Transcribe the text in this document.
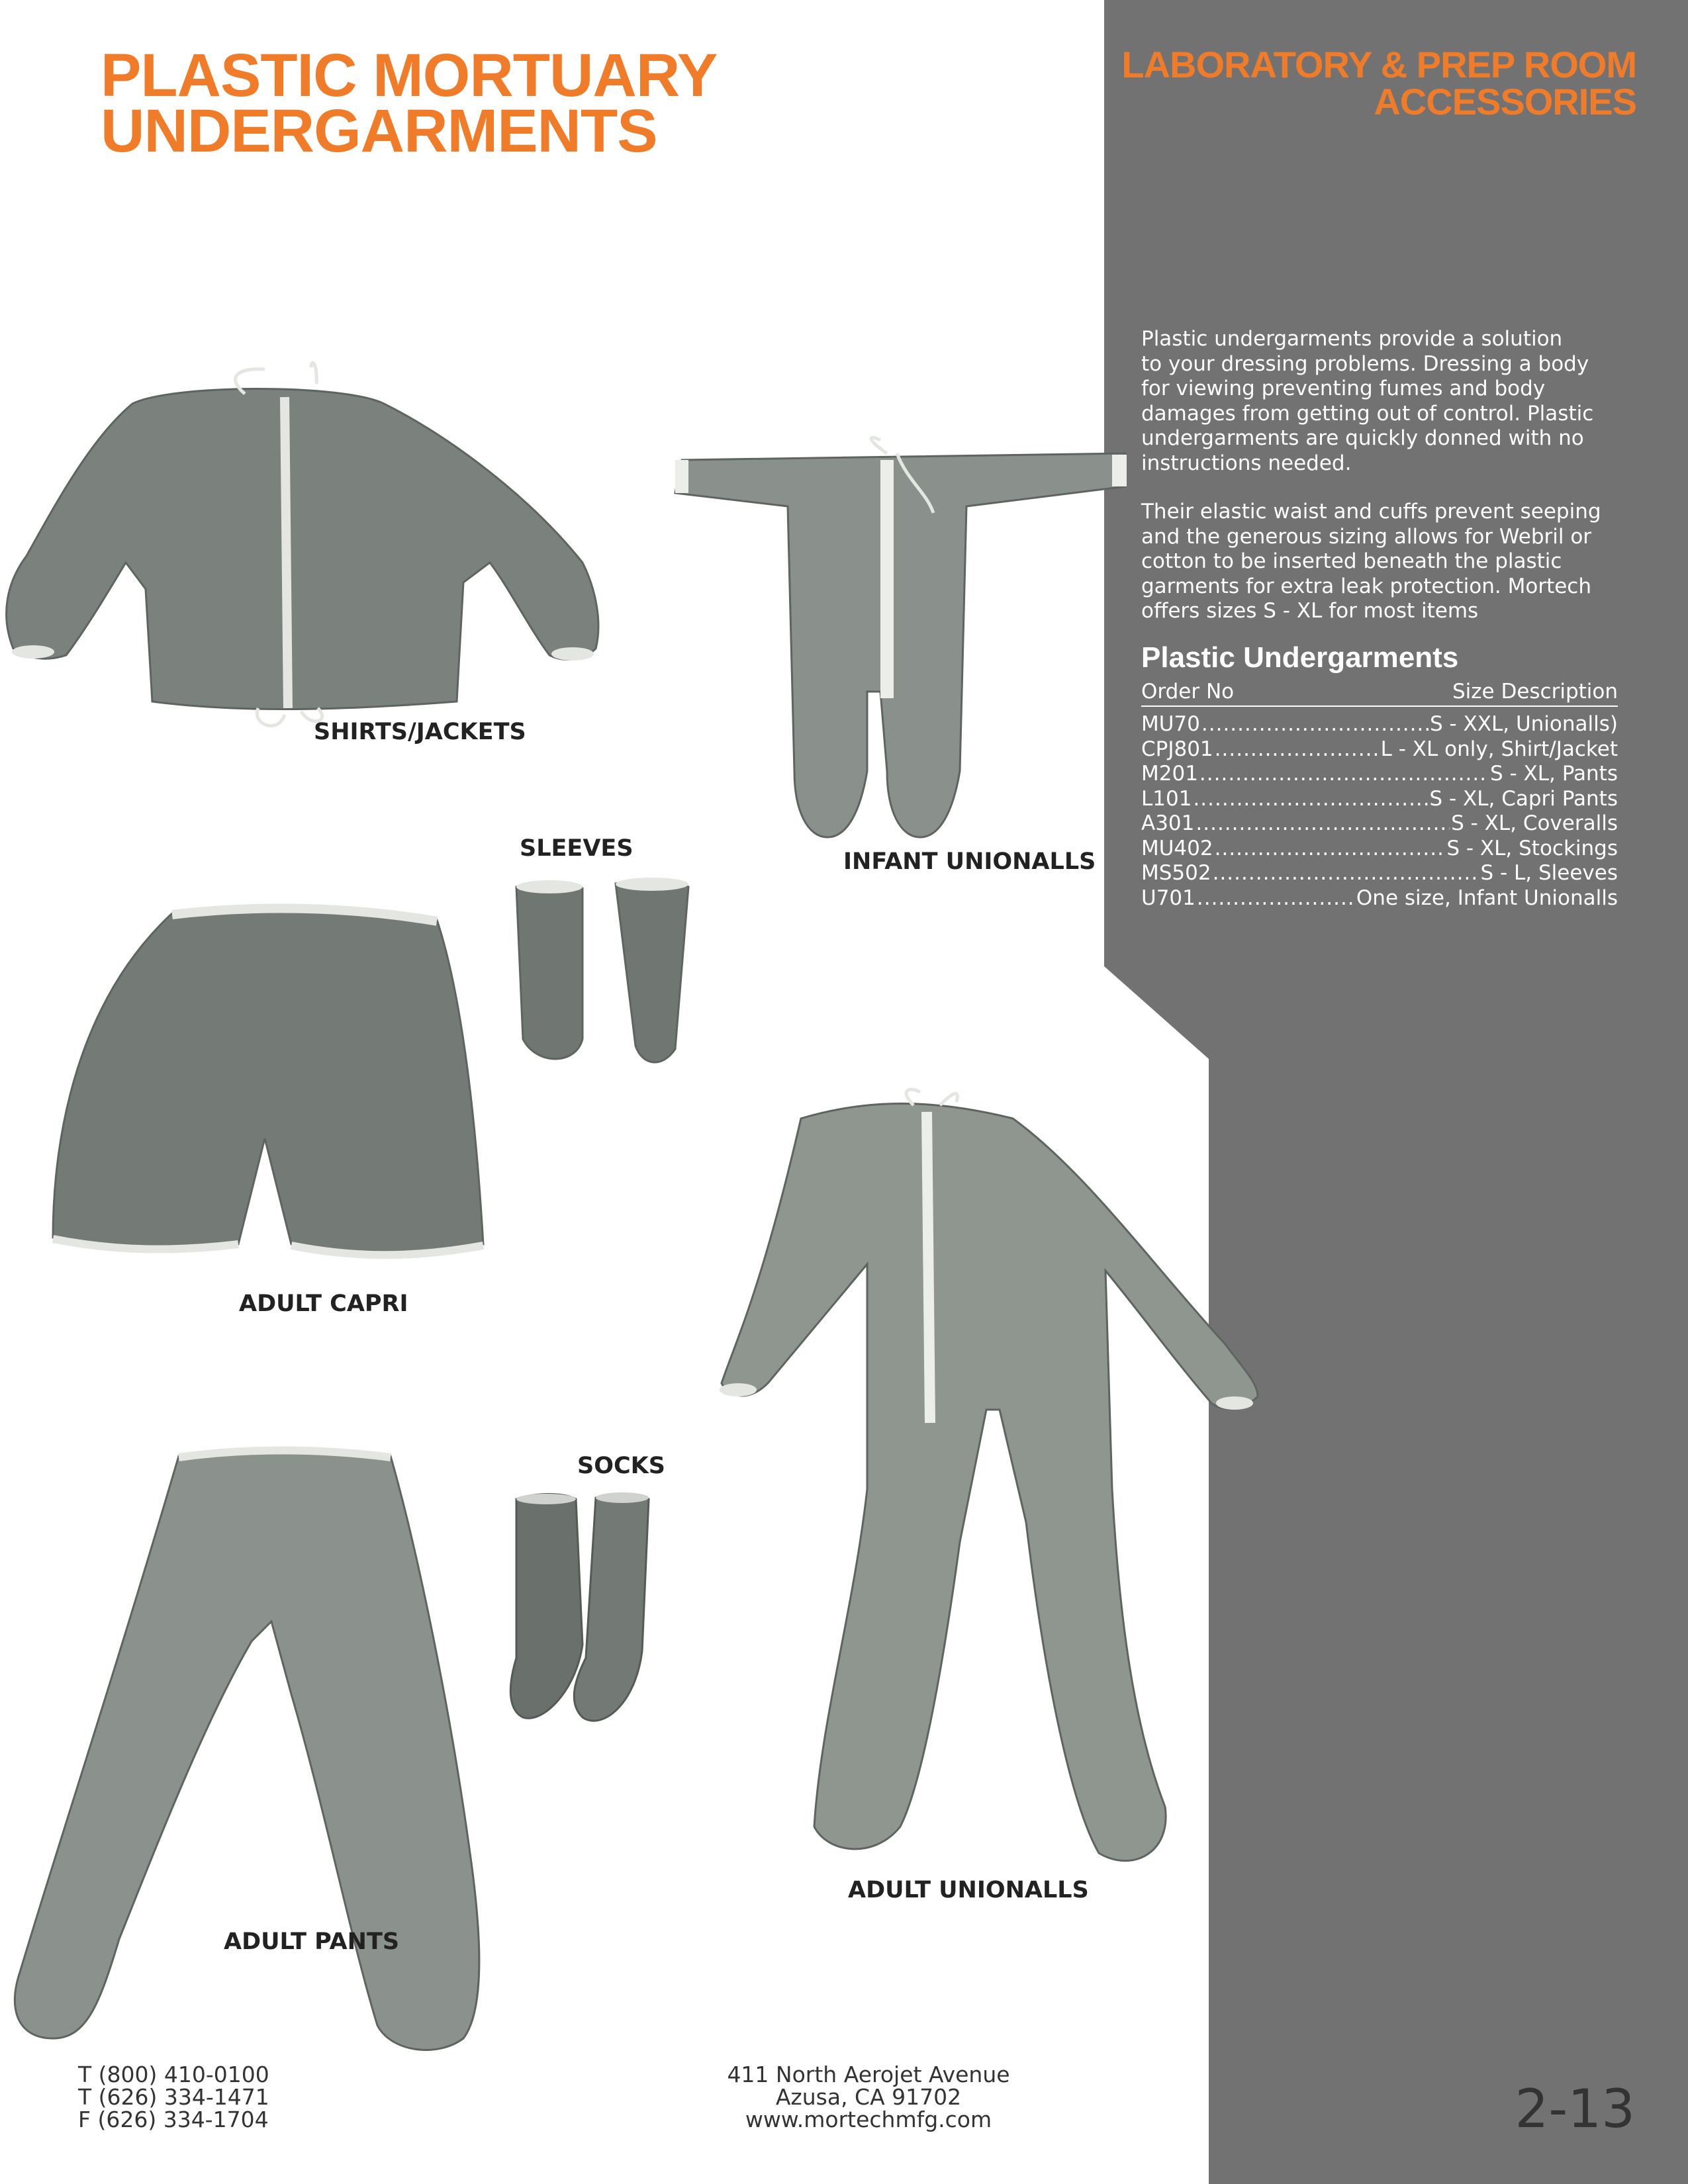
PLASTIC MORTUARY
UNDERGARMENTS
LABORATORY & PREP ROOM
ACCESSORIES

Plastic undergarments provide a solution
to your dressing problems. Dressing a body
for viewing preventing fumes and body
damages from getting out of control. Plastic
undergarments are quickly donned with no
instructions needed.

Their elastic waist and cuffs prevent seeping
and the generous sizing allows for Webril or
cotton to be inserted beneath the plastic
garments for extra leak protection. Mortech
offers sizes S - XL for most items

Plastic Undergarments
Order No	Size Description
MU70 .....	S - XXL, Unionalls)
CPJ801 .....	L - XL only, Shirt/Jacket
M201 .....	S - XL, Pants
L101 .....	S - XL, Capri Pants
A301 .....	S - XL, Coveralls
MU402 .....	S - XL, Stockings
MS502 .....	S - L, Sleeves
U701 .....	One size, Infant Unionalls
SHIRTS/JACKETS
SLEEVES	INFANT UNIONALLS
ADULT CAPRI
SOCKS
ADULT UNIONALLS
ADULT PANTS
T (800) 410-0100
T (626) 334-1471
F (626) 334-1704
411 North Aerojet Avenue
Azusa, CA 91702
www.mortechmfg.com	2-13
